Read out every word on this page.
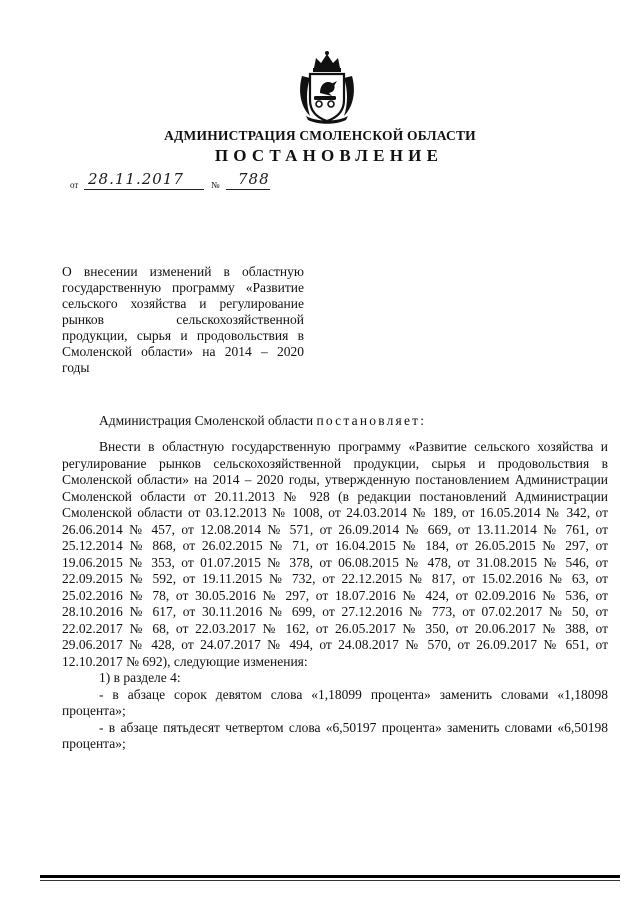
АДМИНИСТРАЦИЯ СМОЛЕНСКОЙ ОБЛАСТИ
ПОСТАНОВЛЕНИЕ
от 28.11.2017	№ 788
О внесении изменений в областную государственную программу «Развитие сельского хозяйства и регулирование рынков сельскохозяйственной продукции, сырья и продовольствия в Смоленской области» на 2014 – 2020 годы
Администрация Смоленской области постановляет:

Внести в областную государственную программу «Развитие сельского хозяйства и регулирование рынков сельскохозяйственной продукции, сырья и продовольствия в Смоленской области» на 2014 – 2020 годы, утвержденную постановлением Администрации Смоленской области от 20.11.2013 № 928 (в редакции постановлений Администрации Смоленской области от 03.12.2013 № 1008, от 24.03.2014 № 189, от 16.05.2014 № 342, от 26.06.2014 № 457, от 12.08.2014 № 571, от 26.09.2014 № 669, от 13.11.2014 № 761, от 25.12.2014 № 868, от 26.02.2015 № 71, от 16.04.2015 № 184, от 26.05.2015 № 297, от 19.06.2015 № 353, от 01.07.2015 № 378, от 06.08.2015 № 478, от 31.08.2015 № 546, от 22.09.2015 № 592, от 19.11.2015 № 732, от 22.12.2015 № 817, от 15.02.2016 № 63, от 25.02.2016 № 78, от 30.05.2016 № 297, от 18.07.2016 № 424, от 02.09.2016 № 536, от 28.10.2016 № 617, от 30.11.2016 № 699, от 27.12.2016 № 773, от 07.02.2017 № 50, от 22.02.2017 № 68, от 22.03.2017 № 162, от 26.05.2017 № 350, от 20.06.2017 № 388, от 29.06.2017 № 428, от 24.07.2017 № 494, от 24.08.2017 № 570, от 26.09.2017 № 651, от 12.10.2017 № 692), следующие изменения:

1) в разделе 4:

- в абзаце сорок девятом слова «1,18099 процента» заменить словами «1,18098 процента»;

- в абзаце пятьдесят четвертом слова «6,50197 процента» заменить словами «6,50198 процента»;
